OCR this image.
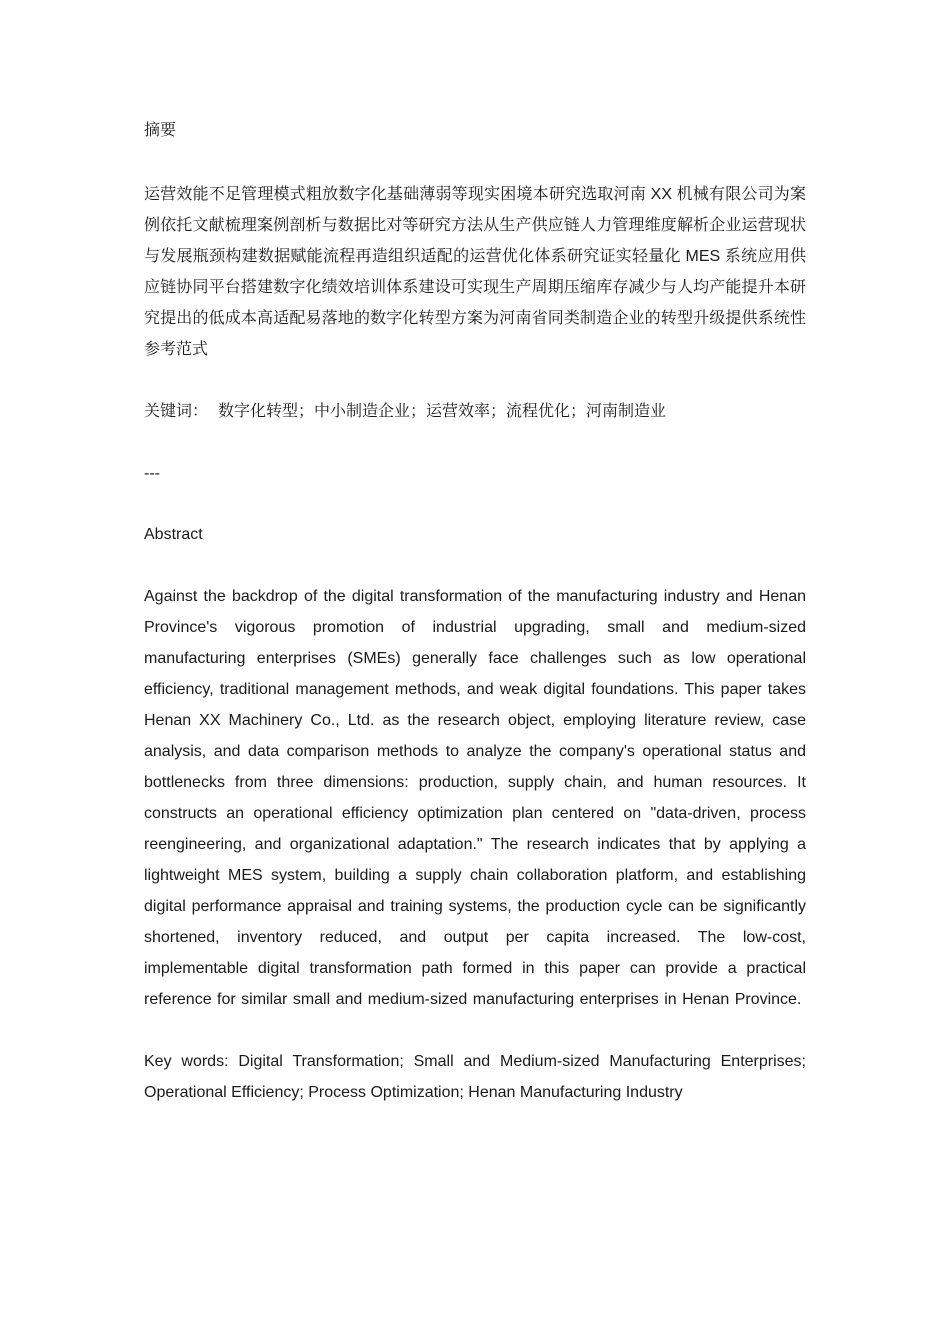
摘要

运营效能不足管理模式粗放数字化基础薄弱等现实困境本研究选取河南 XX 机械有限公司为案例依托文献梳理案例剖析与数据比对等研究方法从生产供应链人力管理维度解析企业运营现状与发展瓶颈构建数据赋能流程再造组织适配的运营优化体系研究证实轻量化 MES 系统应用供应链协同平台搭建数字化绩效培训体系建设可实现生产周期压缩库存减少与人均产能提升本研究提出的低成本高适配易落地的数字化转型方案为河南省同类制造企业的转型升级提供系统性参考范式

关键词： 数字化转型；中小制造企业；运营效率；流程优化；河南制造业

---

Abstract

Against the backdrop of the digital transformation of the manufacturing industry and Henan Province's vigorous promotion of industrial upgrading, small and medium-sized manufacturing enterprises (SMEs) generally face challenges such as low operational efficiency, traditional management methods, and weak digital foundations. This paper takes Henan XX Machinery Co., Ltd. as the research object, employing literature review, case analysis, and data comparison methods to analyze the company's operational status and bottlenecks from three dimensions: production, supply chain, and human resources. It constructs an operational efficiency optimization plan centered on "data-driven, process reengineering, and organizational adaptation." The research indicates that by applying a lightweight MES system, building a supply chain collaboration platform, and establishing digital performance appraisal and training systems, the production cycle can be significantly shortened, inventory reduced, and output per capita increased. The low-cost, implementable digital transformation path formed in this paper can provide a practical reference for similar small and medium-sized manufacturing enterprises in Henan Province.

Key words: Digital Transformation; Small and Medium-sized Manufacturing Enterprises; Operational Efficiency; Process Optimization; Henan Manufacturing Industry
